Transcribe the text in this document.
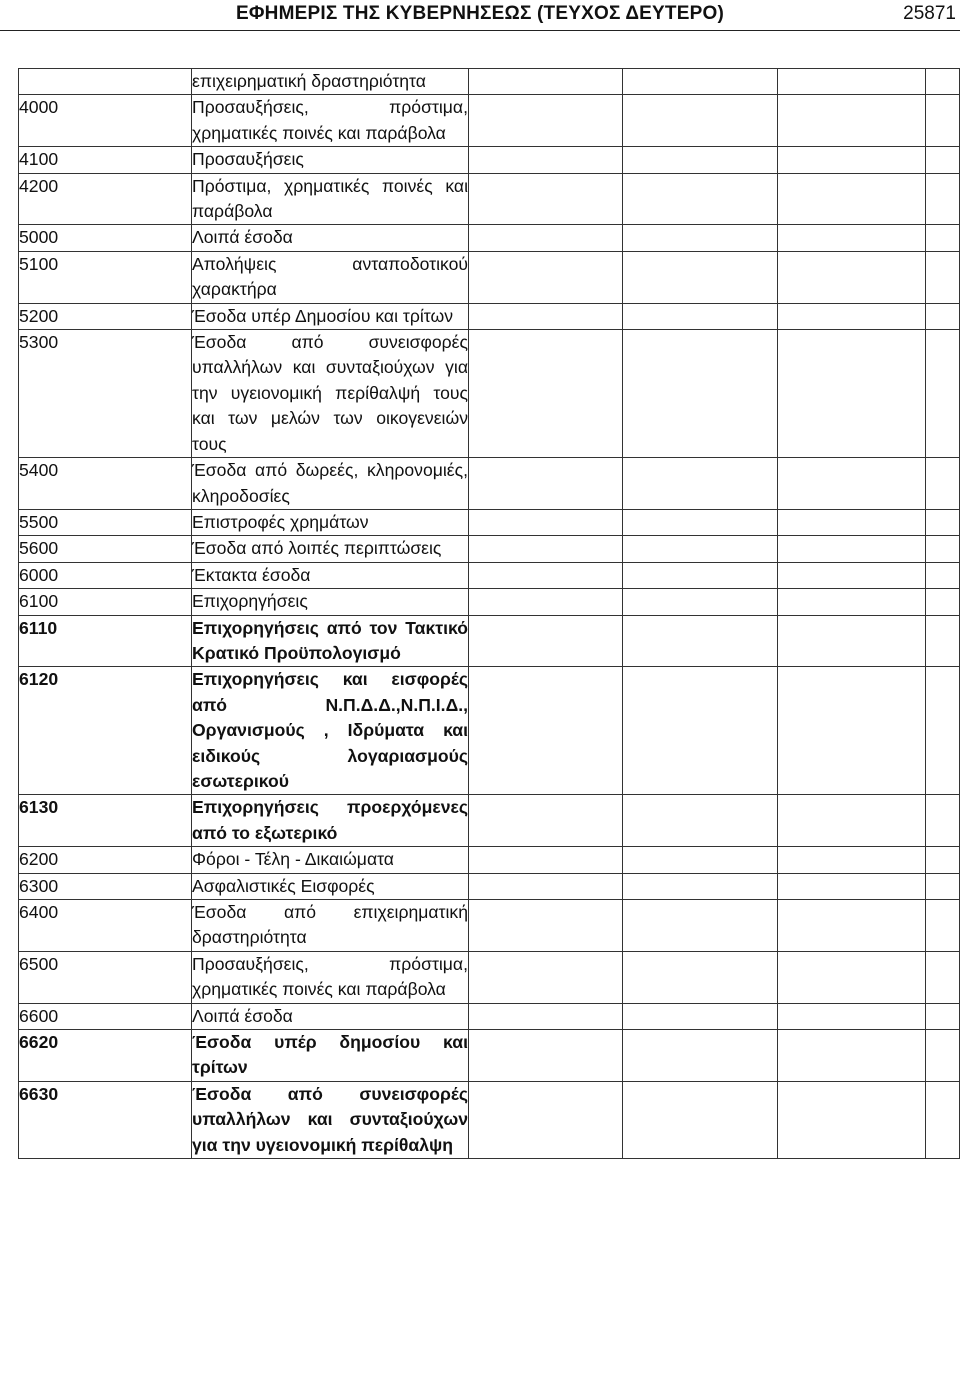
ΕΦΗΜΕΡΙΣ ΤΗΣ ΚΥΒΕΡΝΗΣΕΩΣ (ΤΕΥΧΟΣ ΔΕΥΤΕΡΟ)	25871
	επιχειρηματική δραστηριότητα				
4000	Προσαυξήσεις, πρόστιμα, χρηματικές ποινές και παράβολα				
4100	Προσαυξήσεις				
4200	Πρόστιμα, χρηματικές ποινές και παράβολα				
5000	Λοιπά έσοδα				
5100	Απολήψεις ανταποδοτικού χαρακτήρα				
5200	Έσοδα υπέρ Δημοσίου και τρίτων				
5300	Έσοδα από συνεισφορές υπαλλήλων και συνταξιούχων για την υγειονομική περίθαλψή τους και των μελών των οικογενειών τους				
5400	Έσοδα από δωρεές, κληρονομιές, κληροδοσίες				
5500	Επιστροφές χρημάτων				
5600	Έσοδα από λοιπές περιπτώσεις				
6000	Έκτακτα έσοδα				
6100	Επιχορηγήσεις				
6110	Επιχορηγήσεις από τον Τακτικό Κρατικό Προϋπολογισμό				
6120	Επιχορηγήσεις και εισφορές από Ν.Π.Δ.Δ.,Ν.Π.Ι.Δ., Οργανισμούς , Ιδρύματα και ειδικούς λογαριασμούς εσωτερικού				
6130	Επιχορηγήσεις προερχόμενες από το εξωτερικό				
6200	Φόροι - Τέλη - Δικαιώματα				
6300	Ασφαλιστικές Εισφορές				
6400	Έσοδα από επιχειρηματική δραστηριότητα				
6500	Προσαυξήσεις, πρόστιμα, χρηματικές ποινές και παράβολα				
6600	Λοιπά έσοδα				
6620	Έσοδα υπέρ δημοσίου και τρίτων				
6630	Έσοδα από συνεισφορές υπαλλήλων και συνταξιούχων για την υγειονομική περίθαλψη				
